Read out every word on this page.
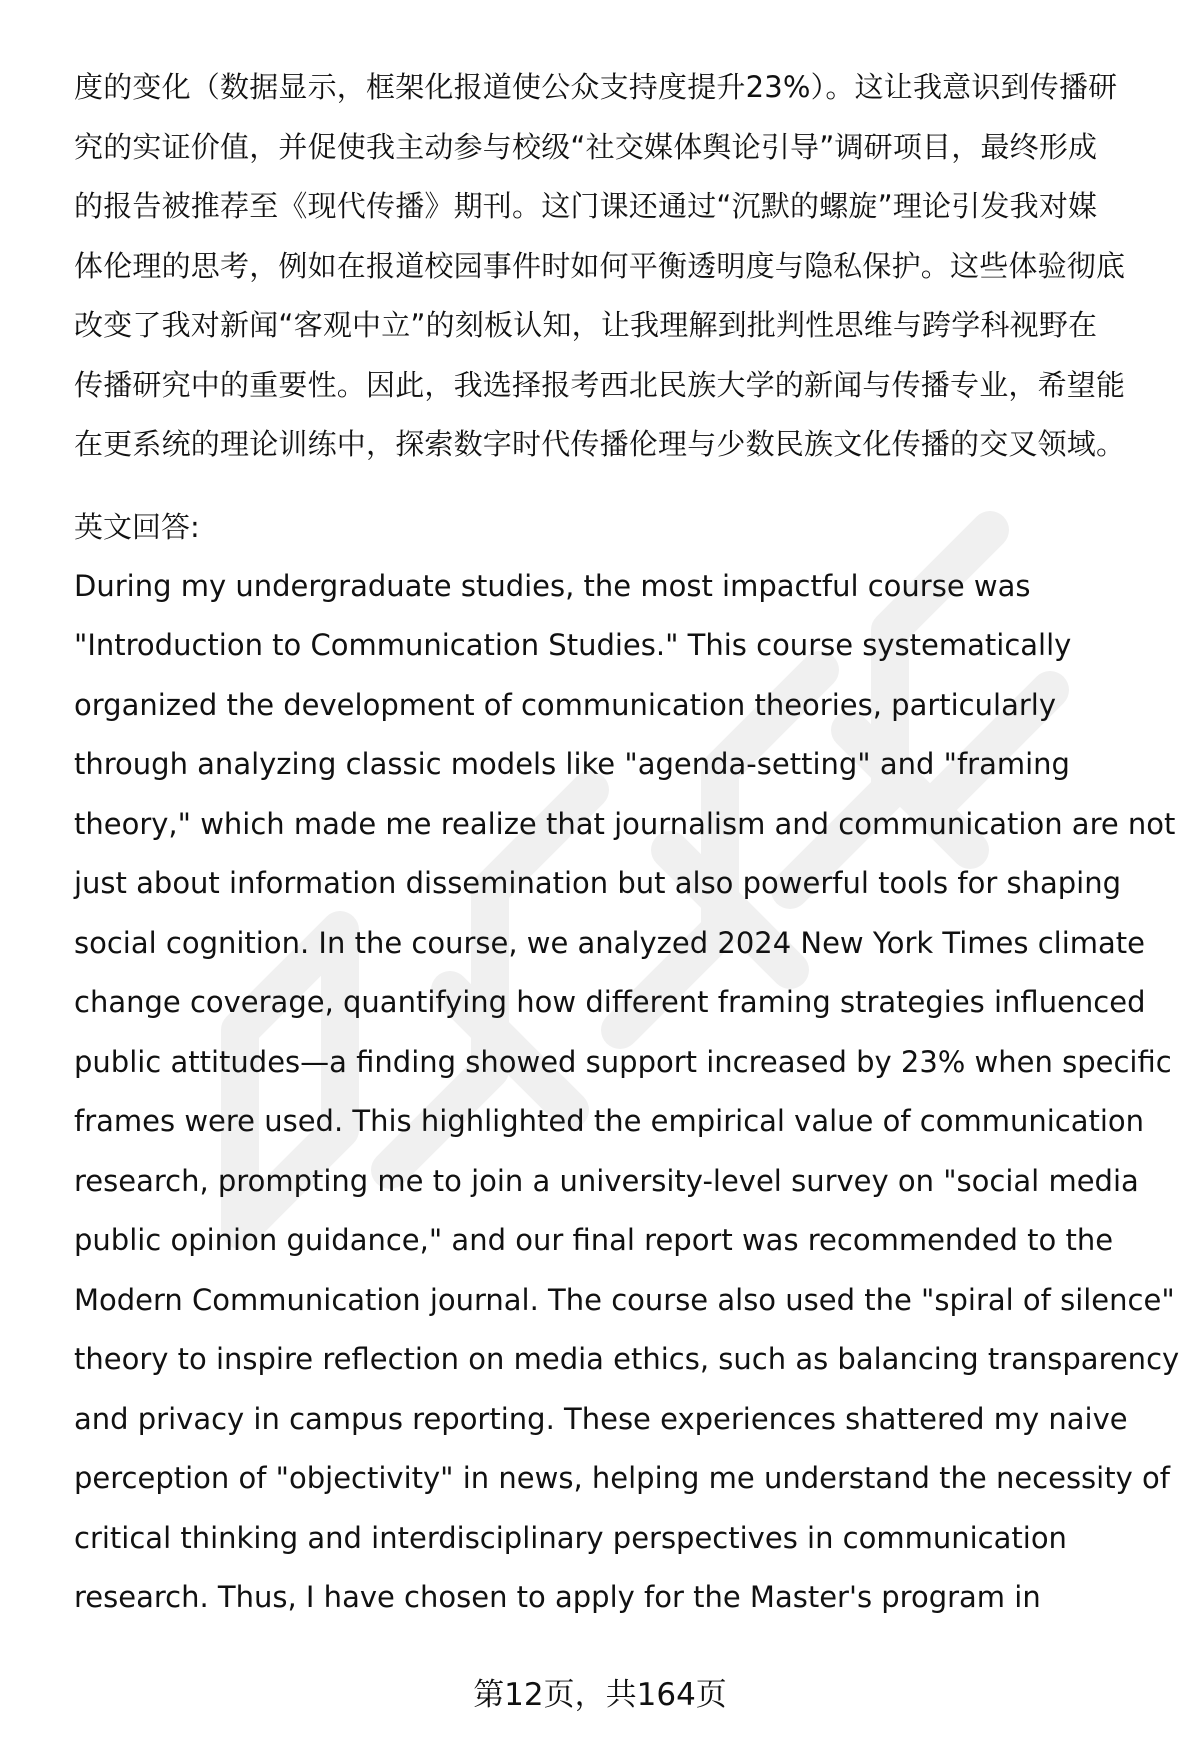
度的变化（数据显示，框架化报道使公众支持度提升23%）。这让我意识到传播研
究的实证价值，并促使我主动参与校级“社交媒体舆论引导”调研项目，最终形成
的报告被推荐至《现代传播》期刊。这门课还通过“沉默的螺旋”理论引发我对媒
体伦理的思考，例如在报道校园事件时如何平衡透明度与隐私保护。这些体验彻底
改变了我对新闻“客观中立”的刻板认知，让我理解到批判性思维与跨学科视野在
传播研究中的重要性。因此，我选择报考西北民族大学的新闻与传播专业，希望能
在更系统的理论训练中，探索数字时代传播伦理与少数民族文化传播的交叉领域。

英文回答:

During my undergraduate studies, the most impactful course was
"Introduction to Communication Studies." This course systematically
organized the development of communication theories, particularly
through analyzing classic models like "agenda-setting" and "framing
theory," which made me realize that journalism and communication are not
just about information dissemination but also powerful tools for shaping
social cognition. In the course, we analyzed 2024 New York Times climate
change coverage, quantifying how different framing strategies influenced
public attitudes—a finding showed support increased by 23% when specific
frames were used. This highlighted the empirical value of communication
research, prompting me to join a university-level survey on "social media
public opinion guidance," and our final report was recommended to the
Modern Communication journal. The course also used the "spiral of silence"
theory to inspire reflection on media ethics, such as balancing transparency
and privacy in campus reporting. These experiences shattered my naive
perception of "objectivity" in news, helping me understand the necessity of
critical thinking and interdisciplinary perspectives in communication
research. Thus, I have chosen to apply for the Master's program in

第12页，共164页
